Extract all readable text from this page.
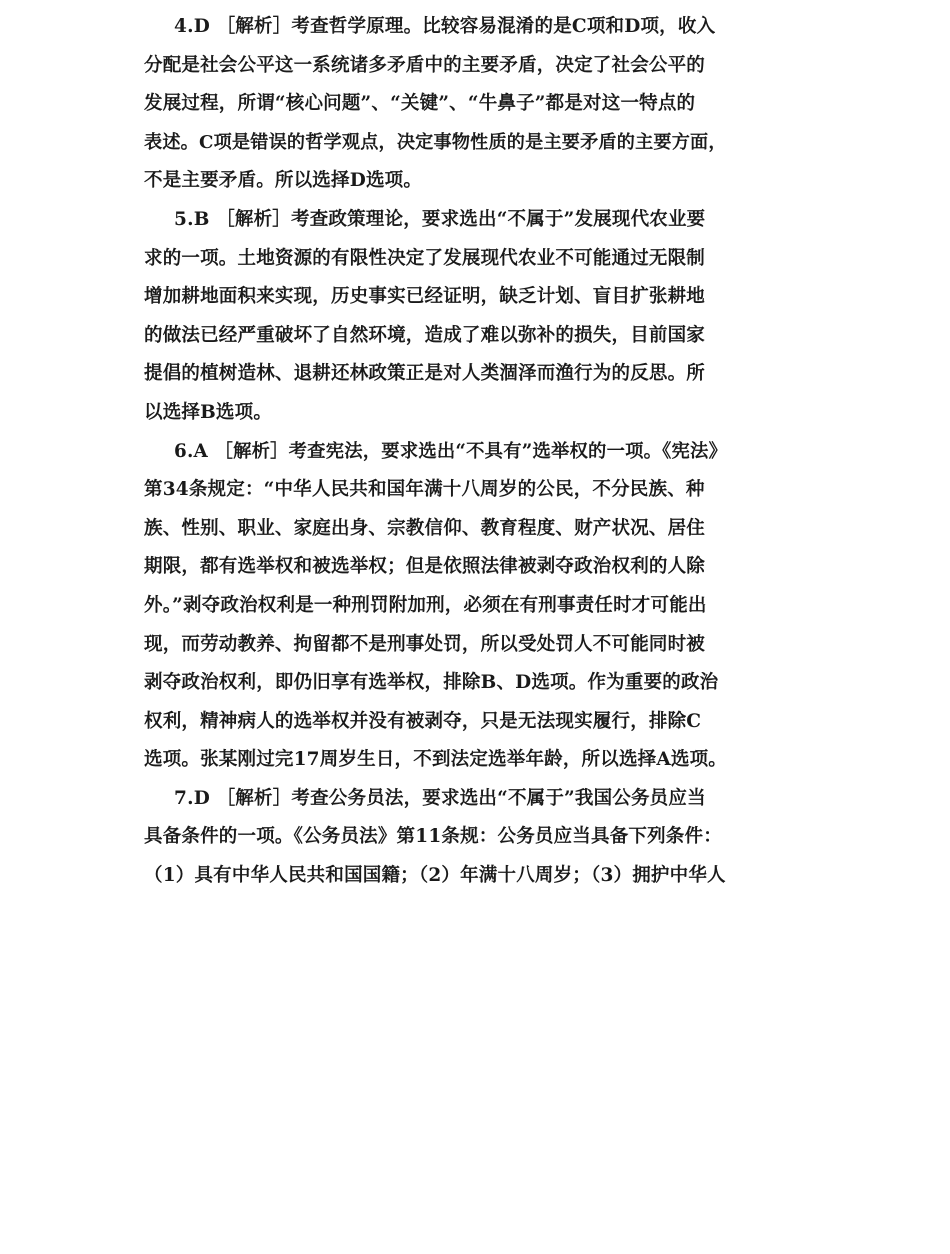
4.D ［解析］考查哲学原理。比较容易混淆的是C项和D项，收入
分配是社会公平这一系统诸多矛盾中的主要矛盾，决定了社会公平的
发展过程，所谓“核心问题”、“关键”、“牛鼻子”都是对这一特点的
表述。C项是错误的哲学观点，决定事物性质的是主要矛盾的主要方面，
不是主要矛盾。所以选择D选项。
5.B ［解析］考查政策理论，要求选出“不属于”发展现代农业要
求的一项。土地资源的有限性决定了发展现代农业不可能通过无限制
增加耕地面积来实现，历史事实已经证明，缺乏计划、盲目扩张耕地
的做法已经严重破坏了自然环境，造成了难以弥补的损失，目前国家
提倡的植树造林、退耕还林政策正是对人类涸泽而渔行为的反思。所
以选择B选项。
6.A ［解析］考查宪法，要求选出“不具有”选举权的一项。《宪法》
第34条规定：“中华人民共和国年满十八周岁的公民，不分民族、种
族、性别、职业、家庭出身、宗教信仰、教育程度、财产状况、居住
期限，都有选举权和被选举权；但是依照法律被剥夺政治权利的人除
外。”剥夺政治权利是一种刑罚附加刑，必须在有刑事责任时才可能出
现，而劳动教养、拘留都不是刑事处罚，所以受处罚人不可能同时被
剥夺政治权利，即仍旧享有选举权，排除B、D选项。作为重要的政治
权利，精神病人的选举权并没有被剥夺，只是无法现实履行，排除C
选项。张某刚过完17周岁生日，不到法定选举年龄，所以选择A选项。
7.D ［解析］考查公务员法，要求选出“不属于”我国公务员应当
具备条件的一项。《公务员法》第11条规：公务员应当具备下列条件：
（1）具有中华人民共和国国籍；（2）年满十八周岁；（3）拥护中华人
